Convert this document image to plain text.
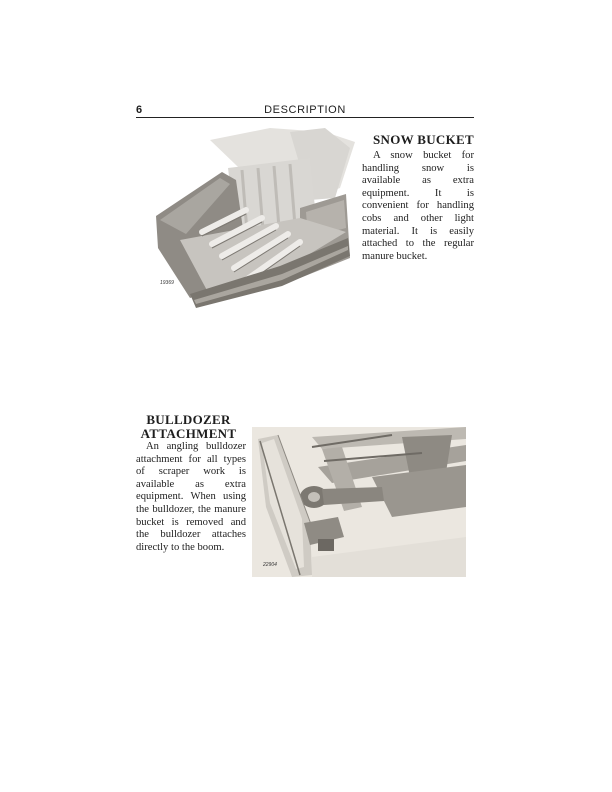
6	DESCRIPTION
19369
SNOW BUCKET
A snow bucket for handling snow is available as extra equipment. It is convenient for handling cobs and other light material. It is easily attached to the regular manure bucket.
BULLDOZER ATTACHMENT
An angling bulldozer attachment for all types of scraper work is available as extra equipment. When using the bulldozer, the manure bucket is removed and the bulldozer attaches directly to the boom.
22904
